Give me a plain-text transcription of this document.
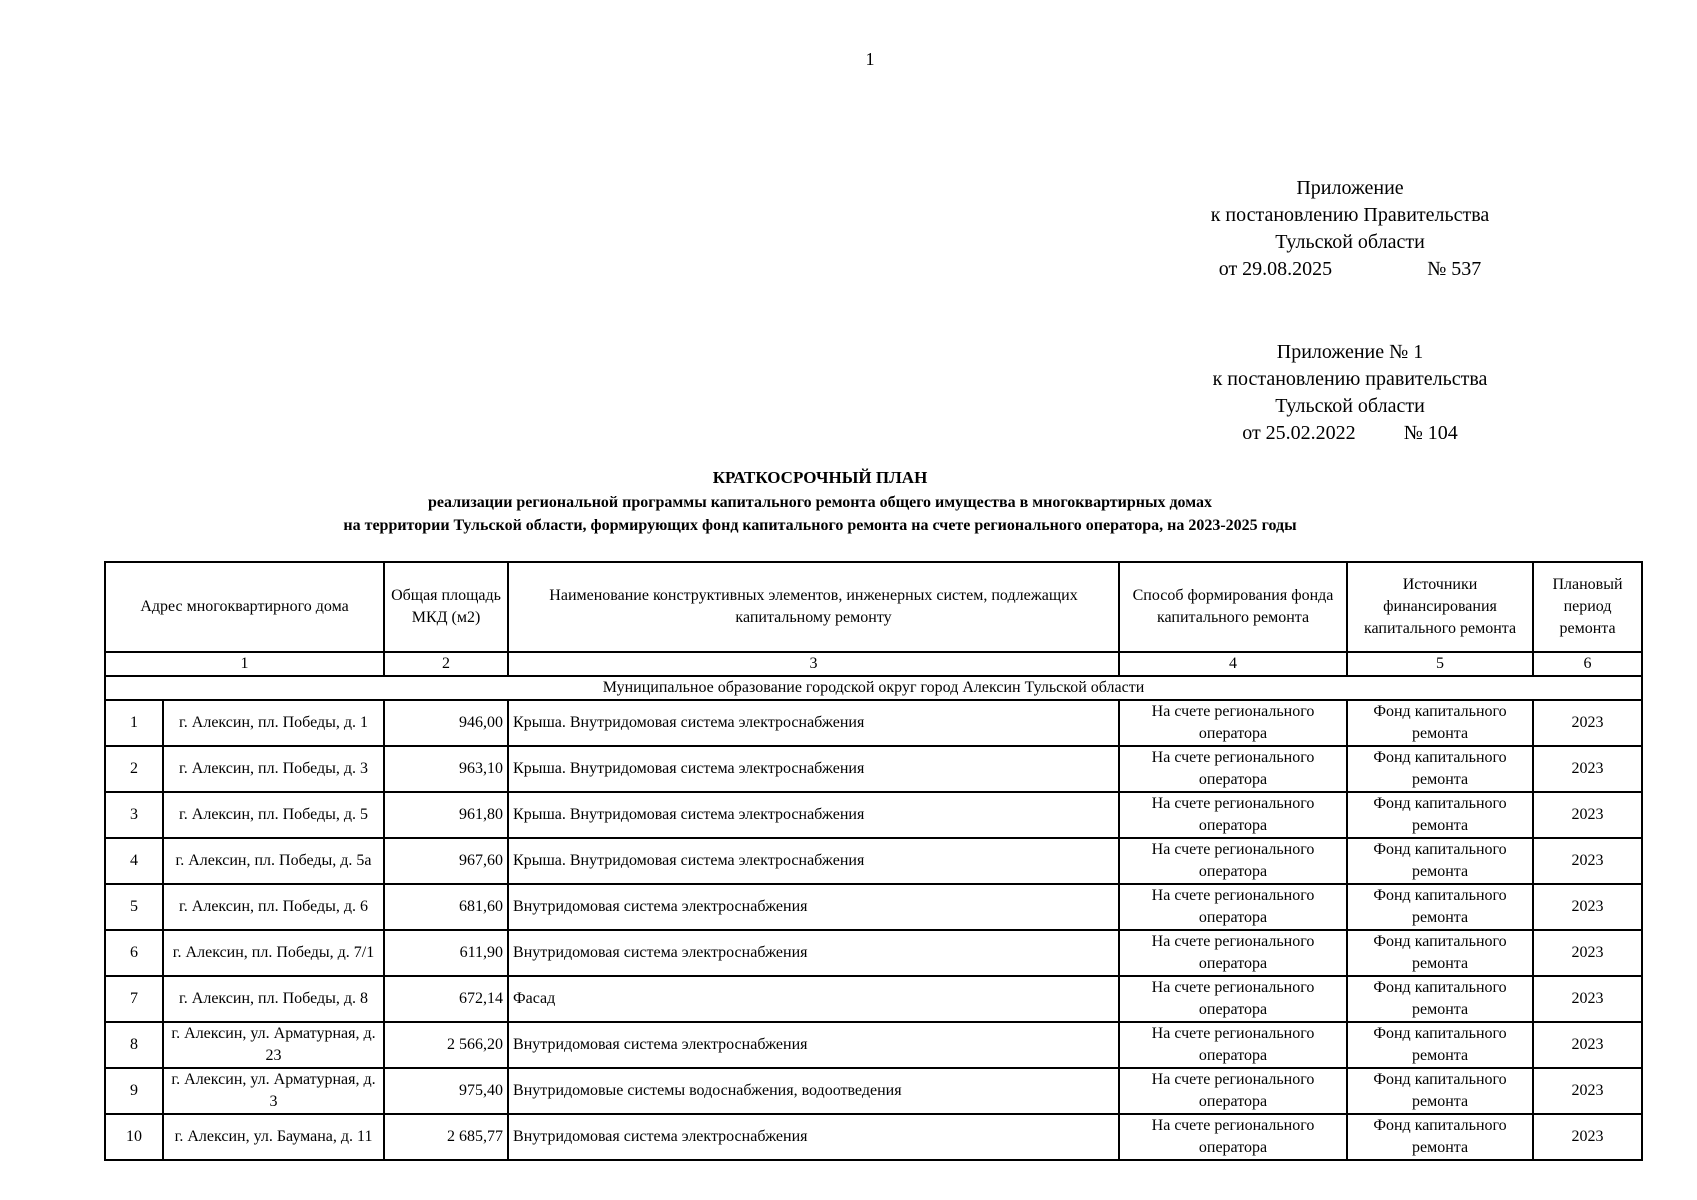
1
Приложение
к постановлению Правительства
Тульской области
от 29.08.2025	№ 537
Приложение № 1
к постановлению правительства
Тульской области
от 25.02.2022 № 104
КРАТКОСРОЧНЫЙ ПЛАН
реализации региональной программы капитального ремонта общего имущества в многоквартирных домах
на территории Тульской области, формирующих фонд капитального ремонта на счете регионального оператора, на 2023-2025 годы
Адрес многоквартирного дома		Общая площадь МКД (м2)	Наименование конструктивных элементов, инженерных систем, подлежащих капитальному ремонту	Способ формирования фонда капитального ремонта	Источники финансирования капитального ремонта	Плановый период ремонта
1		2	3	4	5	6
Муниципальное образование городской округ город Алексин Тульской области						
1	г. Алексин, пл. Победы, д. 1	946,00	Крыша. Внутридомовая система электроснабжения	На счете регионального оператора	Фонд капитального ремонта	2023
2	г. Алексин, пл. Победы, д. 3	963,10	Крыша. Внутридомовая система электроснабжения	На счете регионального оператора	Фонд капитального ремонта	2023
3	г. Алексин, пл. Победы, д. 5	961,80	Крыша. Внутридомовая система электроснабжения	На счете регионального оператора	Фонд капитального ремонта	2023
4	г. Алексин, пл. Победы, д. 5а	967,60	Крыша. Внутридомовая система электроснабжения	На счете регионального оператора	Фонд капитального ремонта	2023
5	г. Алексин, пл. Победы, д. 6	681,60	Внутридомовая система электроснабжения	На счете регионального оператора	Фонд капитального ремонта	2023
6	г. Алексин, пл. Победы, д. 7/1	611,90	Внутридомовая система электроснабжения	На счете регионального оператора	Фонд капитального ремонта	2023
7	г. Алексин, пл. Победы, д. 8	672,14	Фасад	На счете регионального оператора	Фонд капитального ремонта	2023
8	г. Алексин, ул. Арматурная, д. 23	2 566,20	Внутридомовая система электроснабжения	На счете регионального оператора	Фонд капитального ремонта	2023
9	г. Алексин, ул. Арматурная, д. 3	975,40	Внутридомовые системы водоснабжения, водоотведения	На счете регионального оператора	Фонд капитального ремонта	2023
10	г. Алексин, ул. Баумана, д. 11	2 685,77	Внутридомовая система электроснабжения	На счете регионального оператора	Фонд капитального ремонта	2023
